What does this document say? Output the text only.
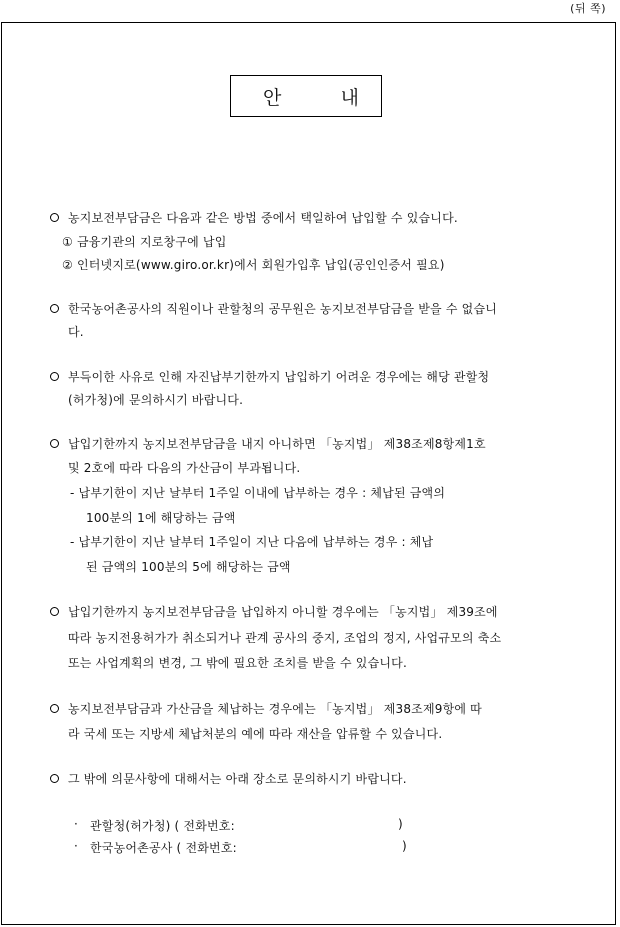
(뒤 쪽)
안	내
농지보전부담금은 다음과 같은 방법 중에서 택일하여 납입할 수 있습니다.
① 금융기관의 지로창구에 납입
② 인터넷지로(www.giro.or.kr)에서 회원가입후 납입(공인인증서 필요)
한국농어촌공사의 직원이나 관할청의 공무원은 농지보전부담금을 받을 수 없습니
다.
부득이한 사유로 인해 자진납부기한까지 납입하기 어려운 경우에는 해당 관할청
(허가청)에 문의하시기 바랍니다.
납입기한까지 농지보전부담금을 내지 아니하면 「농지법」 제38조제8항제1호
및 2호에 따라 다음의 가산금이 부과됩니다.
- 납부기한이 지난 날부터 1주일 이내에 납부하는 경우 : 체납된 금액의
100분의 1에 해당하는 금액
- 납부기한이 지난 날부터 1주일이 지난 다음에 납부하는 경우 : 체납
된 금액의 100분의 5에 해당하는 금액
납입기한까지 농지보전부담금을 납입하지 아니할 경우에는 「농지법」 제39조에
따라 농지전용허가가 취소되거나 관계 공사의 중지, 조업의 정지, 사업규모의 축소
또는 사업계획의 변경, 그 밖에 필요한 조치를 받을 수 있습니다.
농지보전부담금과 가산금을 체납하는 경우에는 「농지법」 제38조제9항에 따
라 국세 또는 지방세 체납처분의 예에 따라 재산을 압류할 수 있습니다.
그 밖에 의문사항에 대해서는 아래 장소로 문의하시기 바랍니다.
· 관할청(허가청) ( 전화번호:	)
· 한국농어촌공사 ( 전화번호:	)
